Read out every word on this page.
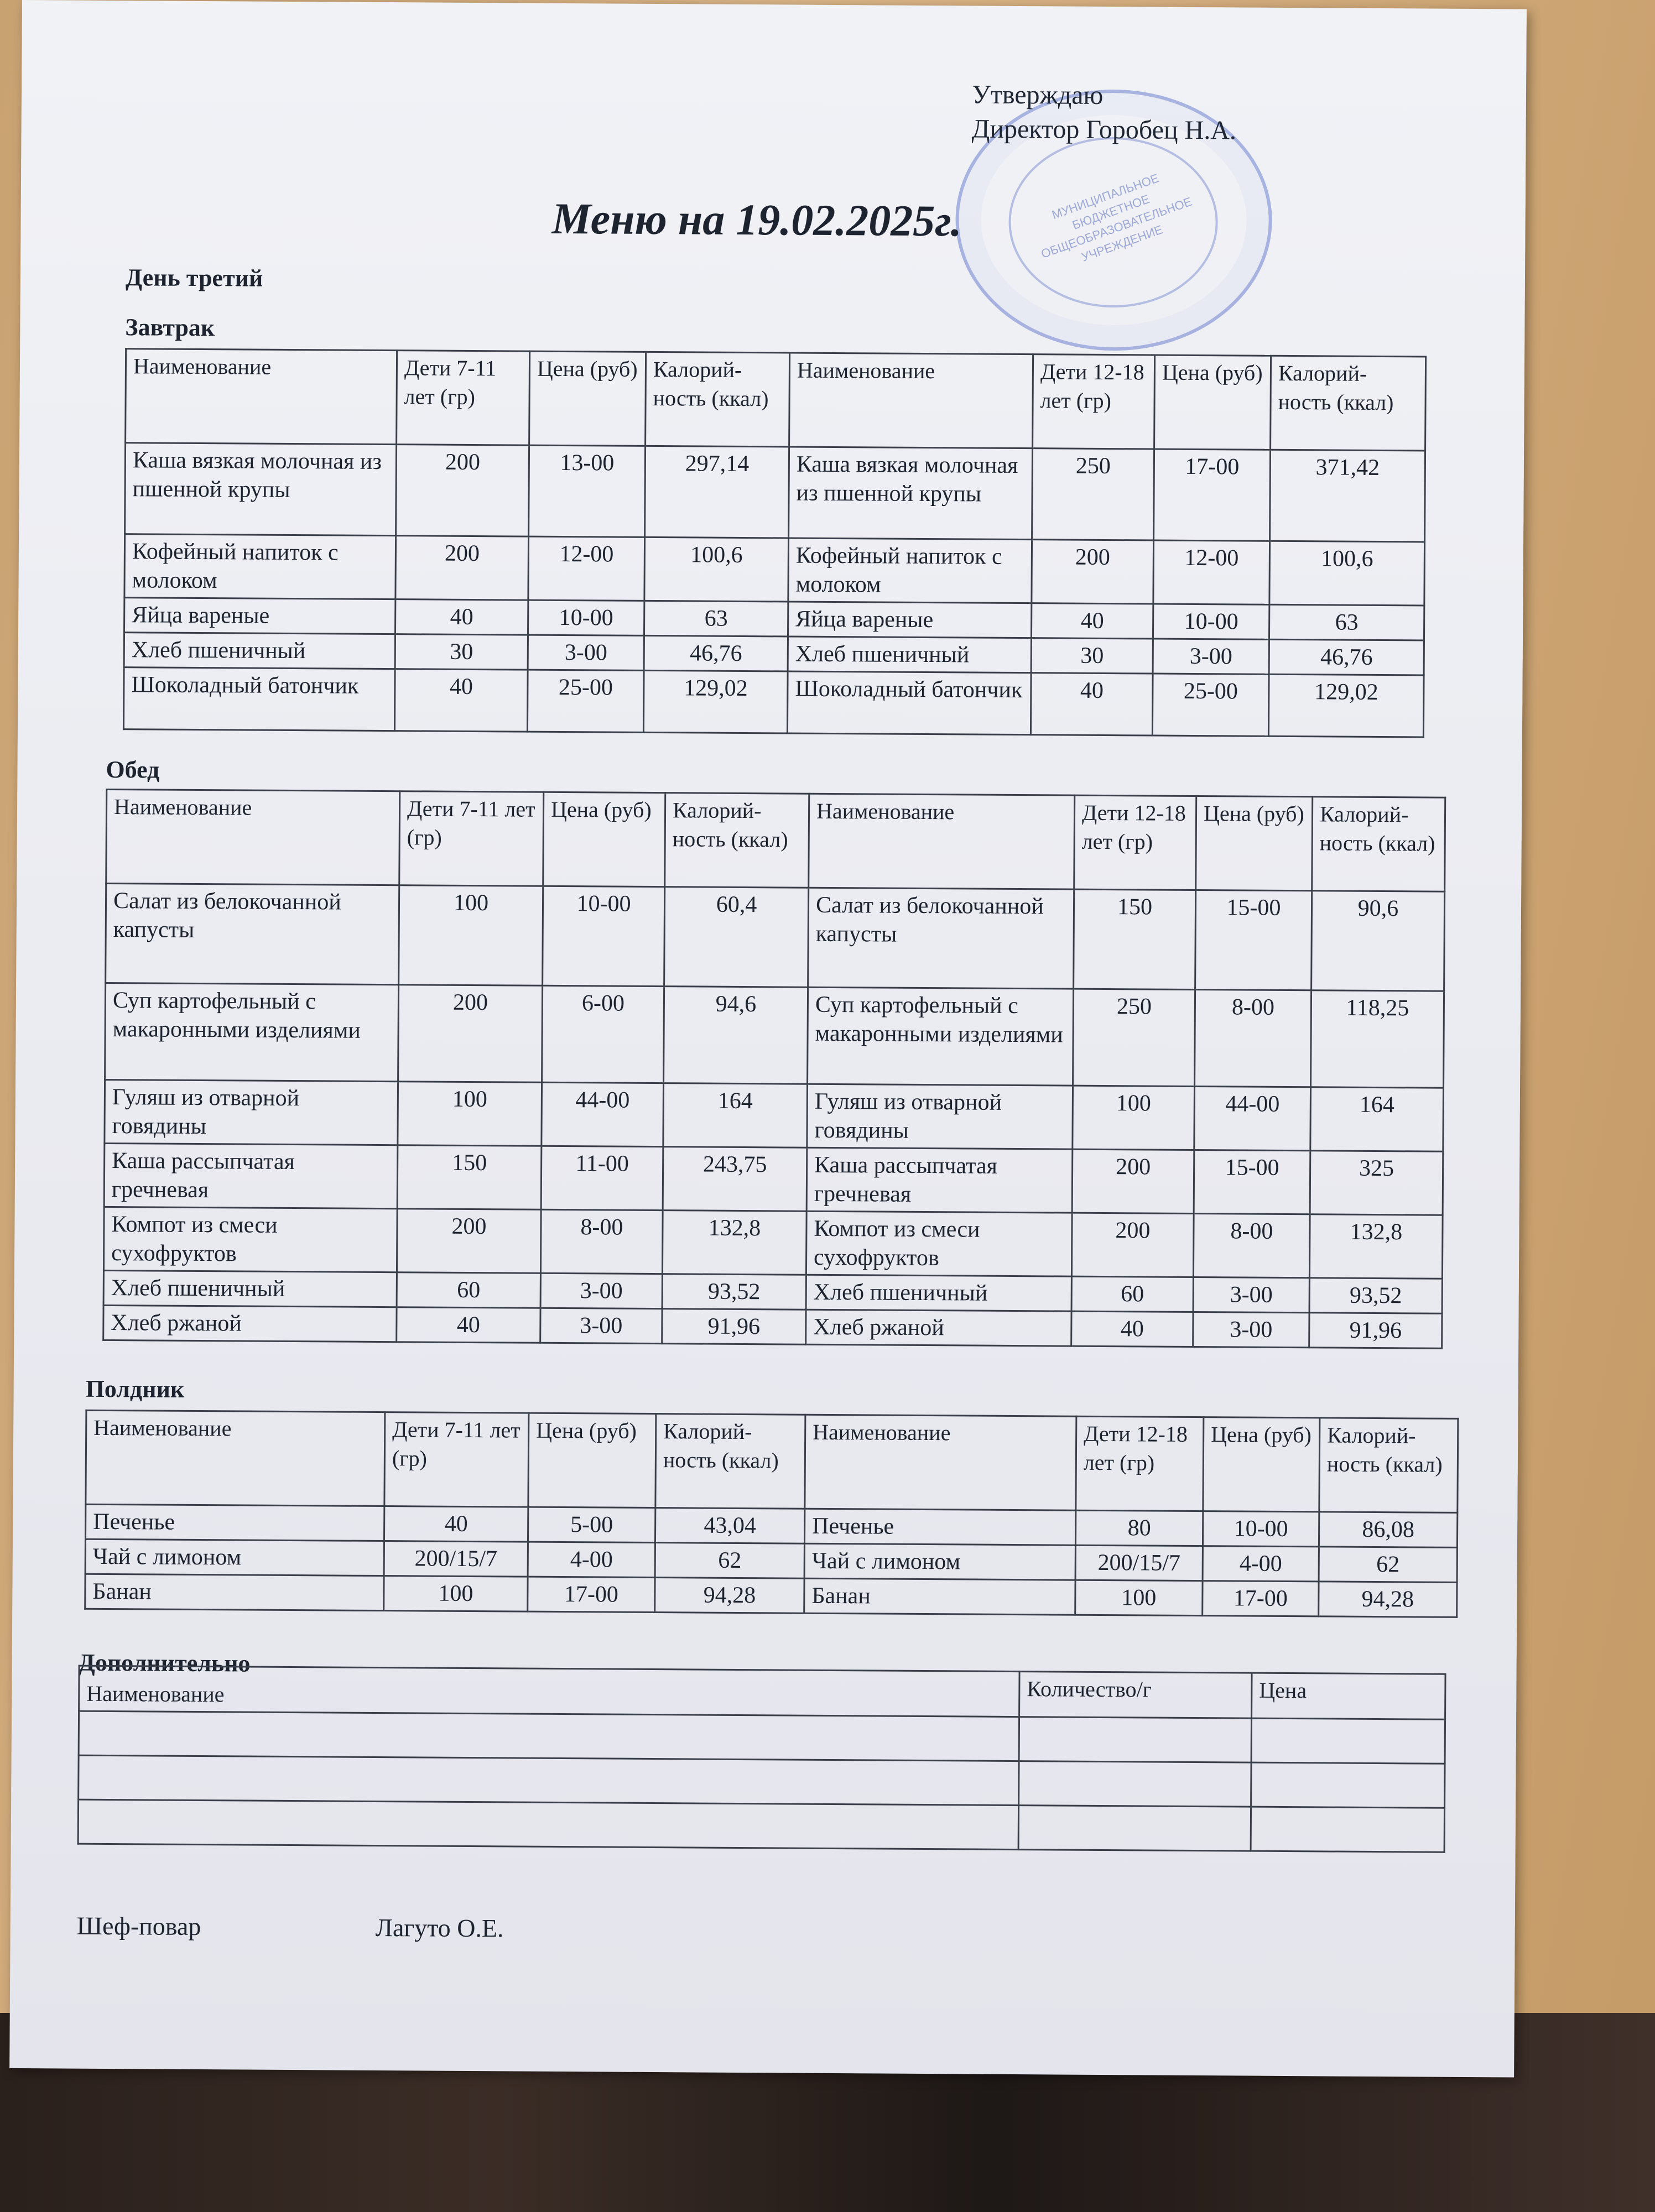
МУНИЦИПАЛЬНОЕ БЮДЖЕТНОЕ ОБЩЕОБРАЗОВАТЕЛЬНОЕ УЧРЕЖДЕНИЕ
Утверждаю
Директор Горобец Н.А.
Меню на 19.02.2025г.
День третий
Завтрак
Наименование	Дети 7-11 лет (гр)	Цена (руб)	Калорий-ность (ккал)	Наименование	Дети 12-18 лет (гр)	Цена (руб)	Калорий-ность (ккал)
Каша вязкая молочная из пшенной крупы	200	13-00	297,14	Каша вязкая молочная из пшенной крупы	250	17-00	371,42
Кофейный напиток с молоком	200	12-00	100,6	Кофейный напиток с молоком	200	12-00	100,6
Яйца вареные	40	10-00	63	Яйца вареные	40	10-00	63
Хлеб пшеничный	30	3-00	46,76	Хлеб пшеничный	30	3-00	46,76
Шоколадный батончик	40	25-00	129,02	Шоколадный батончик	40	25-00	129,02
Обед
Наименование	Дети 7-11 лет (гр)	Цена (руб)	Калорий-ность (ккал)	Наименование	Дети 12-18 лет (гр)	Цена (руб)	Калорий-ность (ккал)
Салат из белокочанной капусты	100	10-00	60,4	Салат из белокочанной капусты	150	15-00	90,6
Суп картофельный с макаронными изделиями	200	6-00	94,6	Суп картофельный с макаронными изделиями	250	8-00	118,25
Гуляш из отварной говядины	100	44-00	164	Гуляш из отварной говядины	100	44-00	164
Каша рассыпчатая гречневая	150	11-00	243,75	Каша рассыпчатая гречневая	200	15-00	325
Компот из смеси сухофруктов	200	8-00	132,8	Компот из смеси сухофруктов	200	8-00	132,8
Хлеб пшеничный	60	3-00	93,52	Хлеб пшеничный	60	3-00	93,52
Хлеб ржаной	40	3-00	91,96	Хлеб ржаной	40	3-00	91,96
Полдник
Наименование	Дети 7-11 лет (гр)	Цена (руб)	Калорий-ность (ккал)	Наименование	Дети 12-18 лет (гр)	Цена (руб)	Калорий-ность (ккал)
Печенье	40	5-00	43,04	Печенье	80	10-00	86,08
Чай с лимоном	200/15/7	4-00	62	Чай с лимоном	200/15/7	4-00	62
Банан	100	17-00	94,28	Банан	100	17-00	94,28
Дополнительно
Наименование	Количество/г	Цена

Шеф-повар	Лагуто О.Е.
